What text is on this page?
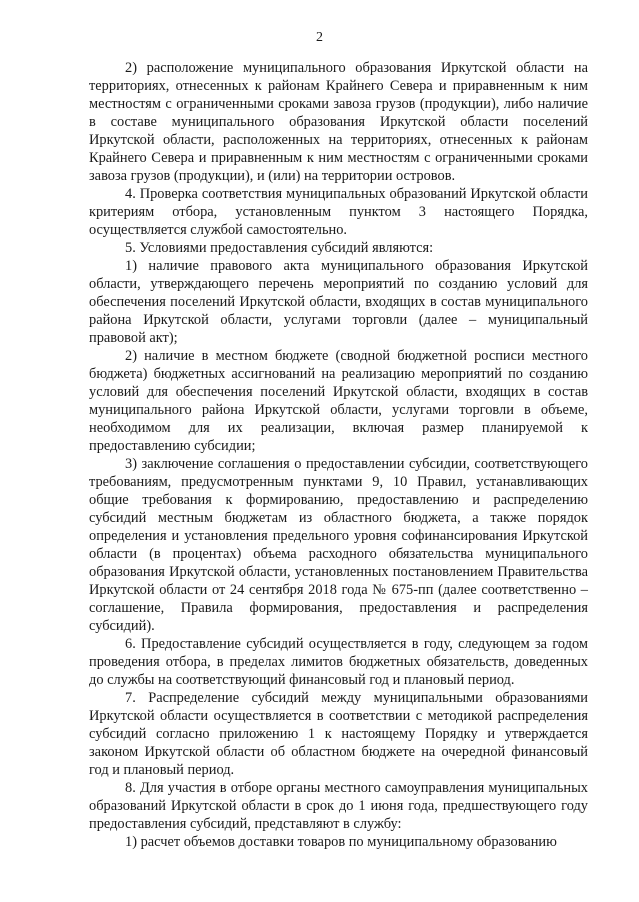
2

2) расположение муниципального образования Иркутской области на территориях, отнесенных к районам Крайнего Севера и приравненным к ним местностям с ограниченными сроками завоза грузов (продукции), либо наличие в составе муниципального образования Иркутской области поселений Иркутской области, расположенных на территориях, отнесенных к районам Крайнего Севера и приравненным к ним местностям с ограниченными сроками завоза грузов (продукции), и (или) на территории островов.

4. Проверка соответствия муниципальных образований Иркутской области критериям отбора, установленным пунктом 3 настоящего Порядка, осуществляется службой самостоятельно.

5. Условиями предоставления субсидий являются:

1) наличие правового акта муниципального образования Иркутской области, утверждающего перечень мероприятий по созданию условий для обеспечения поселений Иркутской области, входящих в состав муниципального района Иркутской области, услугами торговли (далее – муниципальный правовой акт);

2) наличие в местном бюджете (сводной бюджетной росписи местного бюджета) бюджетных ассигнований на реализацию мероприятий по созданию условий для обеспечения поселений Иркутской области, входящих в состав муниципального района Иркутской области, услугами торговли в объеме, необходимом для их реализации, включая размер планируемой к предоставлению субсидии;

3) заключение соглашения о предоставлении субсидии, соответствующего требованиям, предусмотренным пунктами 9, 10 Правил, устанавливающих общие требования к формированию, предоставлению и распределению субсидий местным бюджетам из областного бюджета, а также порядок определения и установления предельного уровня софинансирования Иркутской области (в процентах) объема расходного обязательства муниципального образования Иркутской области, установленных постановлением Правительства Иркутской области от 24 сентября 2018 года № 675-пп (далее соответственно – соглашение, Правила формирования, предоставления и распределения субсидий).

6. Предоставление субсидий осуществляется в году, следующем за годом проведения отбора, в пределах лимитов бюджетных обязательств, доведенных до службы на соответствующий финансовый год и плановый период.

7. Распределение субсидий между муниципальными образованиями Иркутской области осуществляется в соответствии с методикой распределения субсидий согласно приложению 1 к настоящему Порядку и утверждается законом Иркутской области об областном бюджете на очередной финансовый год и плановый период.

8. Для участия в отборе органы местного самоуправления муниципальных образований Иркутской области в срок до 1 июня года, предшествующего году предоставления субсидий, представляют в службу:

1) расчет объемов доставки товаров по муниципальному образованию
